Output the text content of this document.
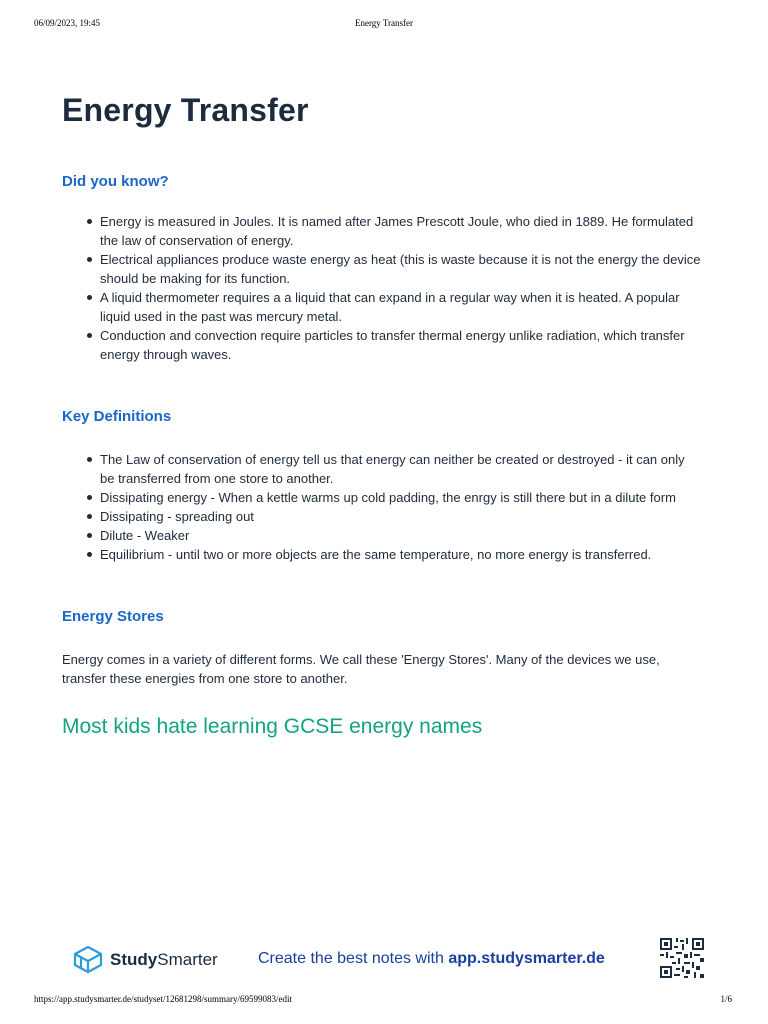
06/09/2023, 19:45	Energy Transfer
Energy Transfer
Did you know?
Energy is measured in Joules. It is named after James Prescott Joule, who died in 1889. He formulated the law of conservation of energy.
Electrical appliances produce waste energy as heat (this is waste because it is not the energy the device should be making for its function.
A liquid thermometer requires a a liquid that can expand in a regular way when it is heated. A popular liquid used in the past was mercury metal.
Conduction and convection require particles to transfer thermal energy unlike radiation, which transfer energy through waves.
Key Definitions
The Law of conservation of energy tell us that energy can neither be created or destroyed - it can only be transferred from one store to another.
Dissipating energy - When a kettle warms up cold padding, the enrgy is still there but in a dilute form
Dissipating - spreading out
Dilute - Weaker
Equilibrium - until two or more objects are the same temperature, no more energy is transferred.
Energy Stores

Energy comes in a variety of different forms. We call these 'Energy Stores'. Many of the devices we use, transfer these energies from one store to another.

Most kids hate learning GCSE energy names
StudySmarter	Create the best notes with app.studysmarter.de
https://app.studysmarter.de/studyset/12681298/summary/69599083/edit	1/6
